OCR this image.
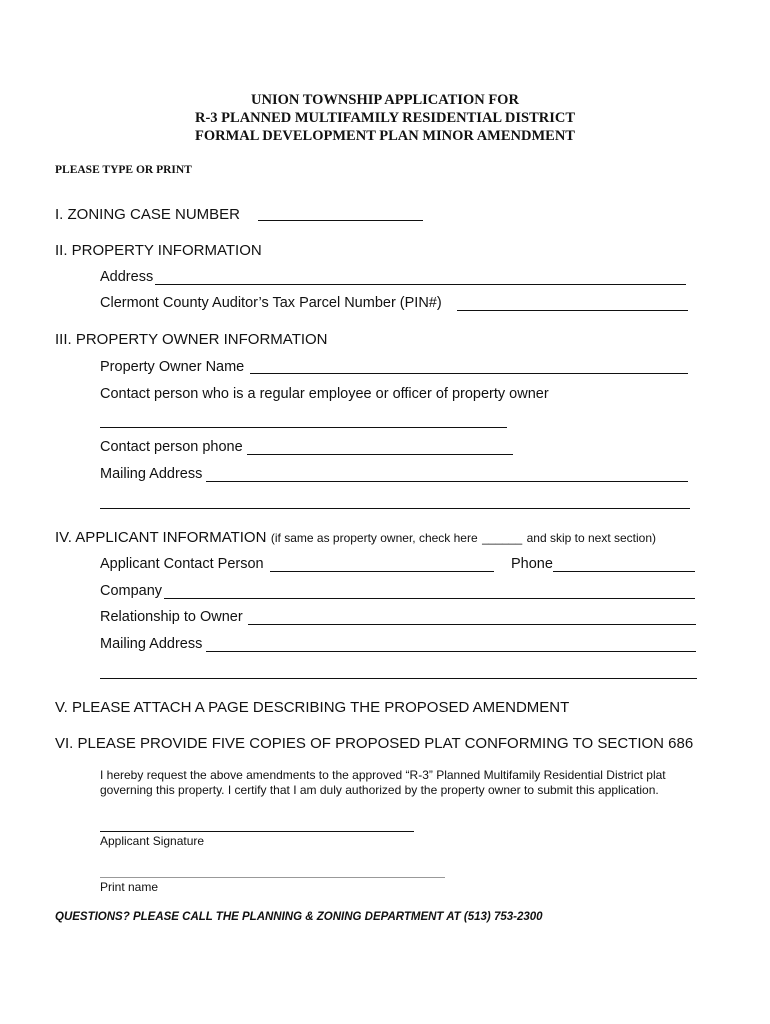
UNION TOWNSHIP APPLICATION FOR
R-3 PLANNED MULTIFAMILY RESIDENTIAL DISTRICT
FORMAL DEVELOPMENT PLAN MINOR AMENDMENT
PLEASE TYPE OR PRINT
I. ZONING CASE NUMBER
II. PROPERTY INFORMATION
Address
Clermont County Auditor’s Tax Parcel Number (PIN#)
III. PROPERTY OWNER INFORMATION
Property Owner Name
Contact person who is a regular employee or officer of property owner
Contact person phone
Mailing Address
IV. APPLICANT INFORMATION (if same as property owner, check here ______ and skip to next section)
Applicant Contact Person	Phone
Company
Relationship to Owner
Mailing Address
V. PLEASE ATTACH A PAGE DESCRIBING THE PROPOSED AMENDMENT
VI. PLEASE PROVIDE FIVE COPIES OF PROPOSED PLAT CONFORMING TO SECTION 686
I hereby request the above amendments to the approved “R-3” Planned Multifamily Residential District plat
governing this property. I certify that I am duly authorized by the property owner to submit this application.
Applicant Signature
Print name
QUESTIONS? PLEASE CALL THE PLANNING & ZONING DEPARTMENT AT (513) 753-2300
